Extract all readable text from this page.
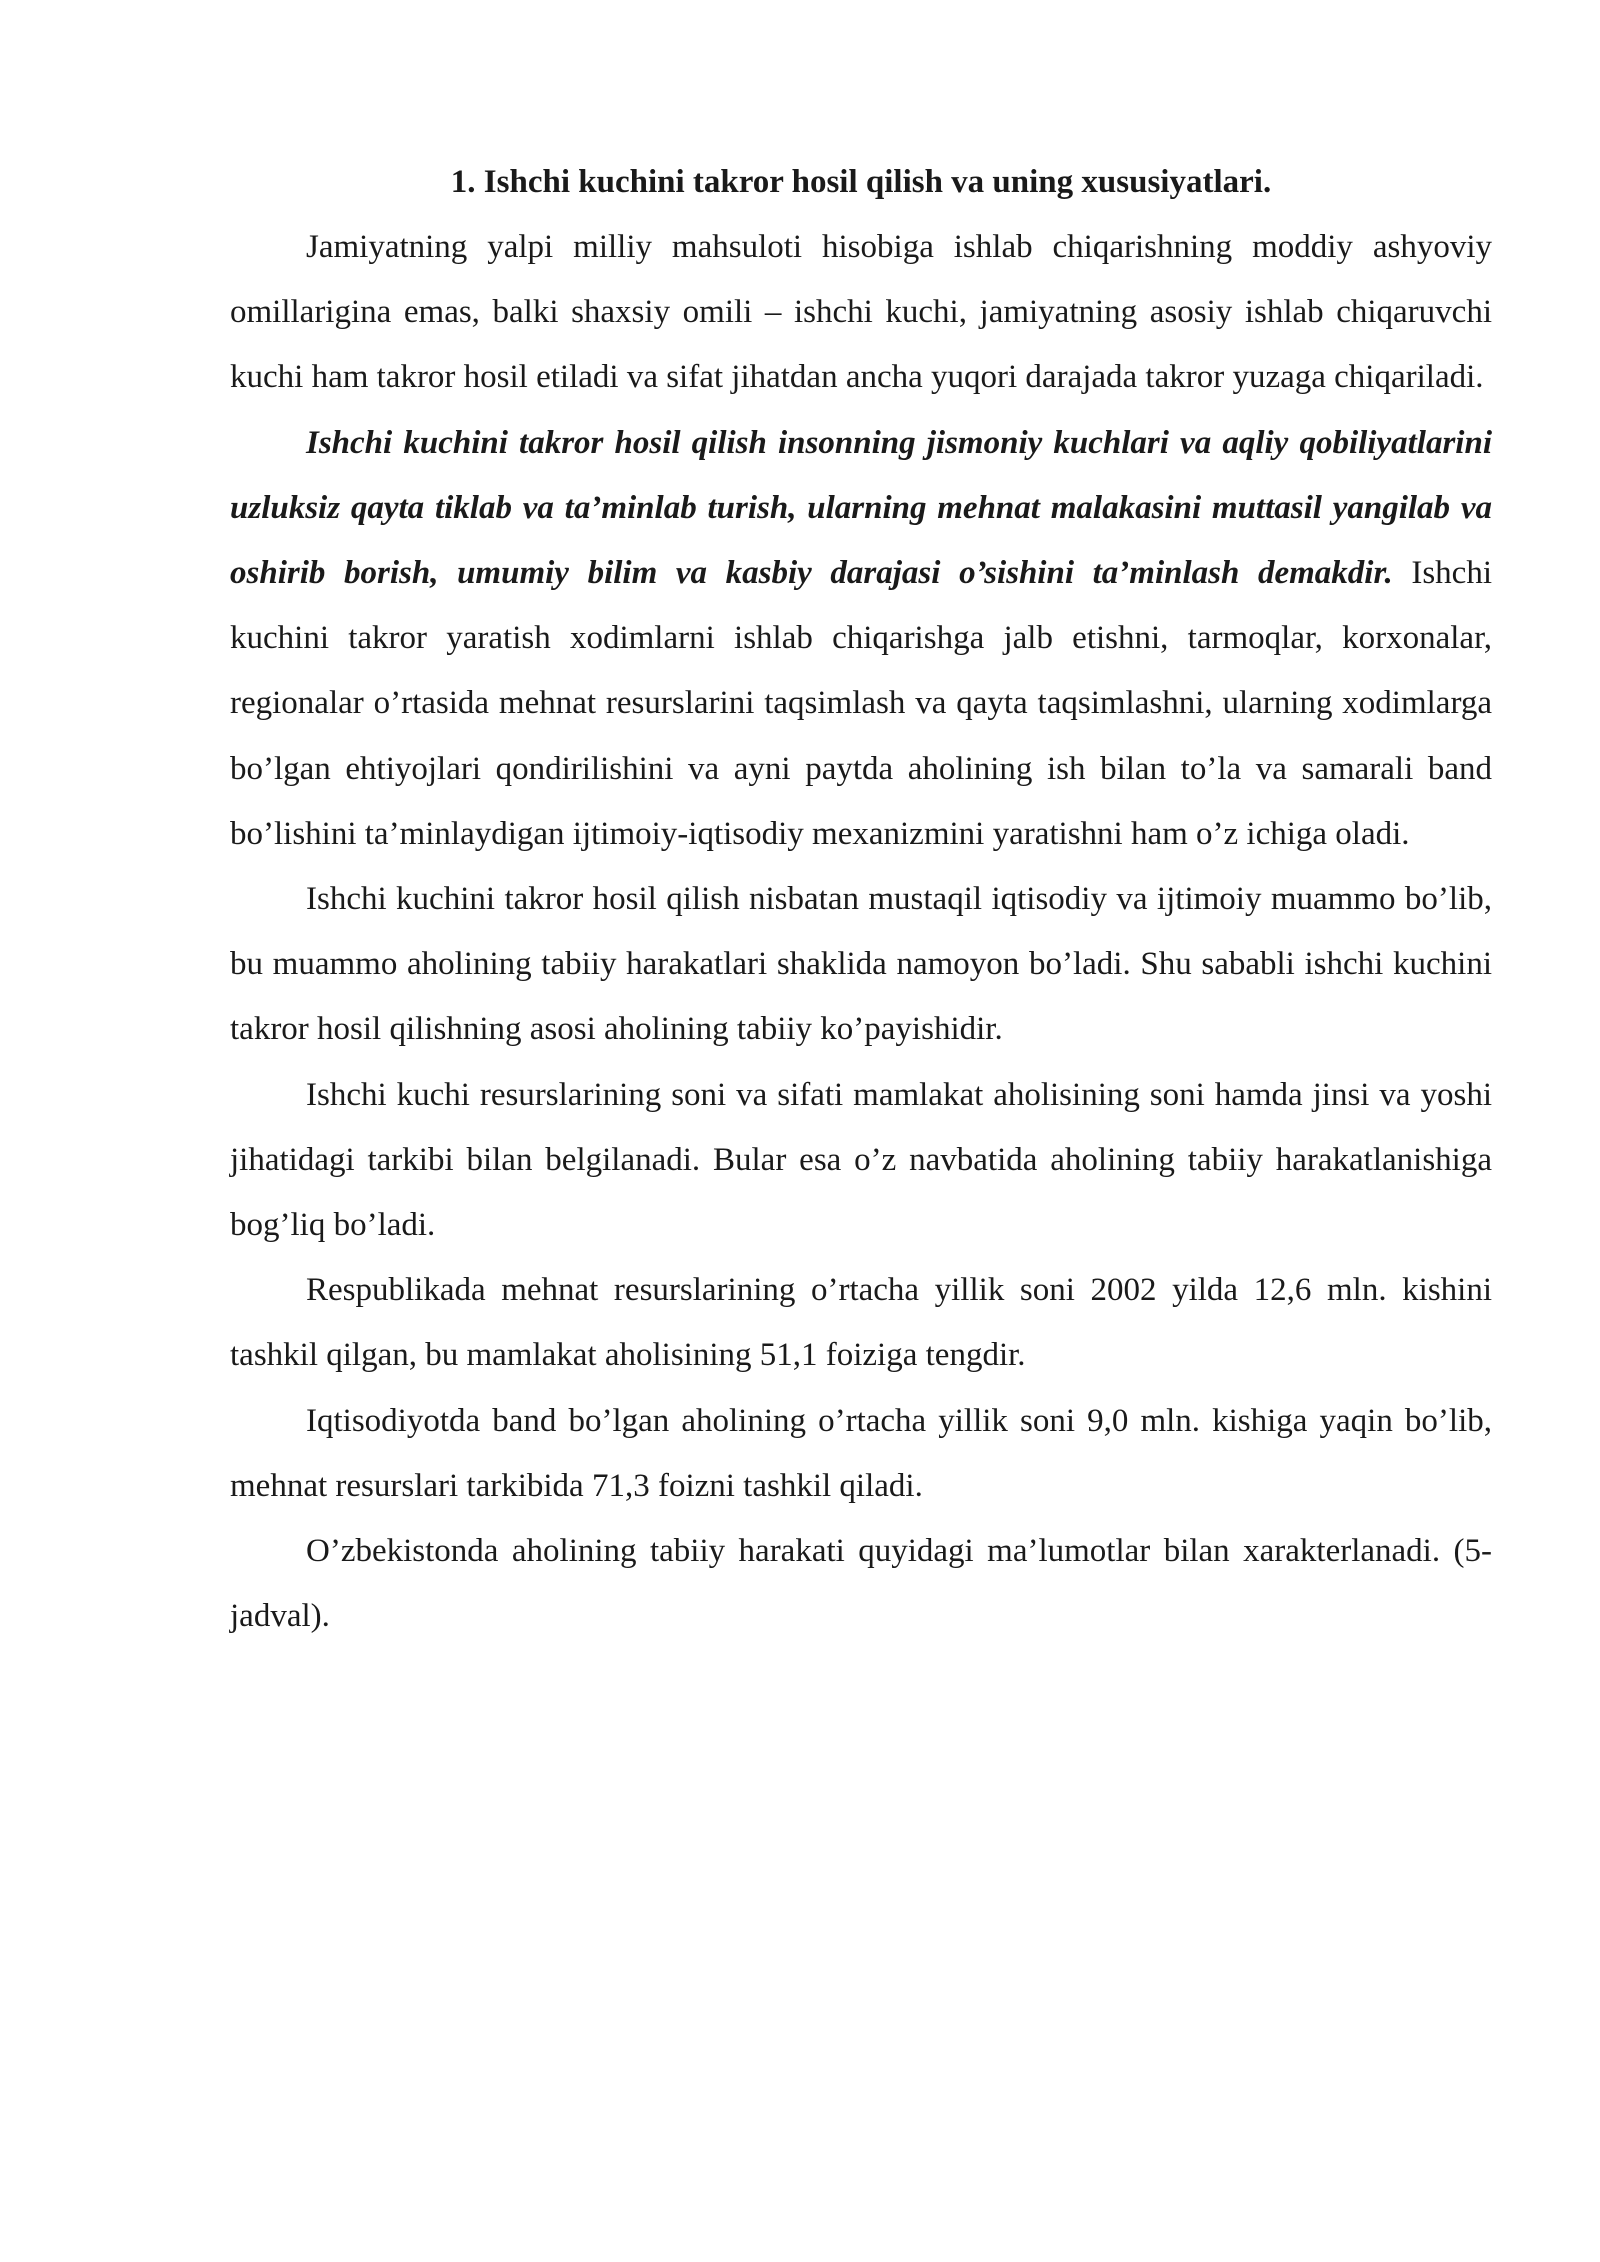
1. Ishchi kuchini takror hosil qilish va uning xususiyatlari.

Jamiyatning yalpi milliy mahsuloti hisobiga ishlab chiqarishning moddiy ashyoviy omillarigina emas, balki shaxsiy omili – ishchi kuchi, jamiyatning asosiy ishlab chiqaruvchi kuchi ham takror hosil etiladi va sifat jihatdan ancha yuqori darajada takror yuzaga chiqariladi.

Ishchi kuchini takror hosil qilish insonning jismoniy kuchlari va aqliy qobiliyatlarini uzluksiz qayta tiklab va ta’minlab turish, ularning mehnat malakasini muttasil yangilab va oshirib borish, umumiy bilim va kasbiy darajasi o’sishini ta’minlash demakdir. Ishchi kuchini takror yaratish xodimlarni ishlab chiqarishga jalb etishni, tarmoqlar, korxonalar, regionalar o’rtasida mehnat resurslarini taqsimlash va qayta taqsimlashni, ularning xodimlarga bo’lgan ehtiyojlari qondirilishini va ayni paytda aholining ish bilan to’la va samarali band bo’lishini ta’minlaydigan ijtimoiy-iqtisodiy mexanizmini yaratishni ham o’z ichiga oladi.

Ishchi kuchini takror hosil qilish nisbatan mustaqil iqtisodiy va ijtimoiy muammo bo’lib, bu muammo aholining tabiiy harakatlari shaklida namoyon bo’ladi. Shu sababli ishchi kuchini takror hosil qilishning asosi aholining tabiiy ko’payishidir.

Ishchi kuchi resurslarining soni va sifati mamlakat aholisining soni hamda jinsi va yoshi jihatidagi tarkibi bilan belgilanadi. Bular esa o’z navbatida aholining tabiiy harakatlanishiga bog’liq bo’ladi.

Respublikada mehnat resurslarining o’rtacha yillik soni 2002 yilda 12,6 mln. kishini tashkil qilgan, bu mamlakat aholisining 51,1 foiziga tengdir.

Iqtisodiyotda band bo’lgan aholining o’rtacha yillik soni 9,0 mln. kishiga yaqin bo’lib, mehnat resurslari tarkibida 71,3 foizni tashkil qiladi.

O’zbekistonda aholining tabiiy harakati quyidagi ma’lumotlar bilan xarakterlanadi. (5-jadval).
